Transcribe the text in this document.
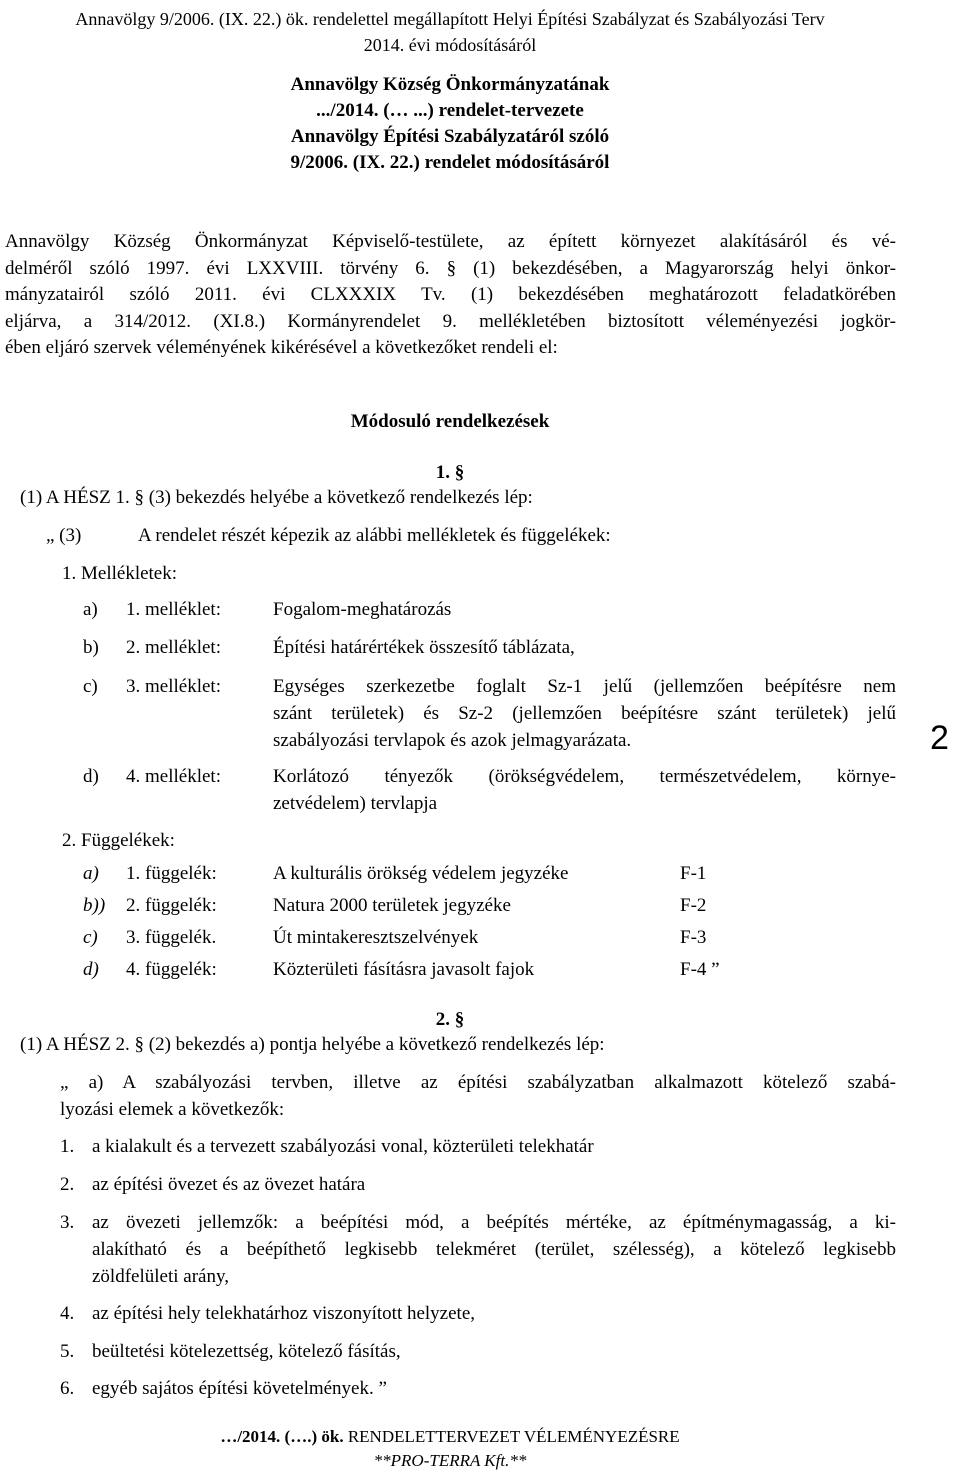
Annavölgy 9/2006. (IX. 22.) ök. rendelettel megállapított Helyi Építési Szabályzat és Szabályozási Terv
2014. évi módosításáról
Annavölgy Község Önkormányzatának
.../2014. (… ...) rendelet-tervezete
Annavölgy Építési Szabályzatáról szóló
9/2006. (IX. 22.) rendelet módosításáról

Annavölgy Község Önkormányzat Képviselő-testülete, az épített környezet alakításáról és vé-

delméről szóló 1997. évi LXXVIII. törvény 6. § (1) bekezdésében, a Magyarország helyi önkor-

mányzatairól szóló 2011. évi CLXXXIX Tv. (1) bekezdésében meghatározott feladatkörében

eljárva, a 314/2012. (XI.8.) Kormányrendelet 9. mellékletében biztosított véleményezési jogkör-

ében eljáró szervek véleményének kikérésével a következőket rendeli el:

Módosuló rendelkezések
1. §
(1) A HÉSZ 1. § (3) bekezdés helyébe a következő rendelkezés lép:
„ (3)	A rendelet részét képezik az alábbi mellékletek és függelékek:
1. Mellékletek:
a) 1. melléklet:	Fogalom-meghatározás
b) 2. melléklet:	Építési határértékek összesítő táblázata,
c) 3. melléklet:	Egységes szerkezetbe foglalt Sz-1 jelű (jellemzően beépítésre nem
szánt területek) és Sz-2 (jellemzően beépítésre szánt területek) jelű
szabályozási tervlapok és azok jelmagyarázata.
d) 4. melléklet:	Korlátozó tényezők (örökségvédelem, természetvédelem, környe-
zetvédelem) tervlapja
2. Függelékek:
a) 1. függelék:	A kulturális örökség védelem jegyzéke	F-1
b)) 2. függelék:	Natura 2000 területek jegyzéke	F-2
c) 3. függelék.	Út mintakeresztszelvények	F-3
d) 4. függelék:	Közterületi fásításra javasolt fajok	F-4 ”
2
2. §
(1) A HÉSZ 2. § (2) bekezdés a) pontja helyébe a következő rendelkezés lép:
„ a) A szabályozási tervben, illetve az építési szabályzatban alkalmazott kötelező szabá-
lyozási elemek a következők:
1. a kialakult és a tervezett szabályozási vonal, közterületi telekhatár
2. az építési övezet és az övezet határa
3. az övezeti jellemzők: a beépítési mód, a beépítés mértéke, az építménymagasság, a ki-
alakítható és a beépíthető legkisebb telekméret (terület, szélesség), a kötelező legkisebb
zöldfelületi arány,
4. az építési hely telekhatárhoz viszonyított helyzete,
5. beültetési kötelezettség, kötelező fásítás,
6. egyéb sajátos építési követelmények. ”
…/2014. (….) ök. RENDELETTERVEZET VÉLEMÉNYEZÉSRE
**PRO-TERRA Kft.**
